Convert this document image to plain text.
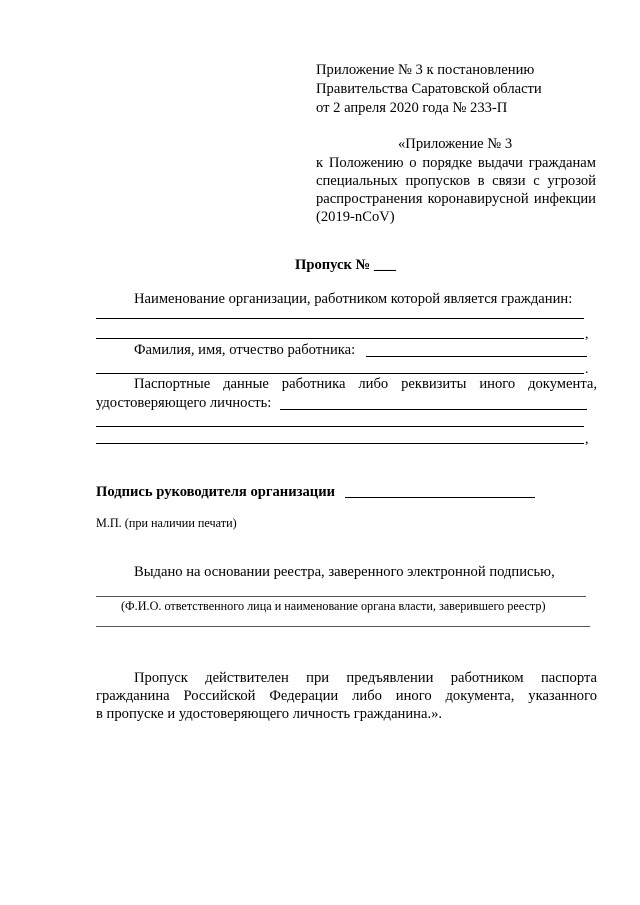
Приложение № 3 к постановлению
Правительства Саратовской области
от 2 апреля 2020 года № 233-П
«Приложение № 3
к Положению о порядке выдачи гражданам
специальных пропусков в связи с угрозой
распространения коронавирусной инфекции
(2019-nCoV)
Пропуск № ___
Наименование организации, работником которой является гражданин:
,
Фамилия, имя, отчество работника:
.
Паспортные данные работника либо реквизиты иного документа,
удостоверяющего личность:
,
Подпись руководителя организации
М.П. (при наличии печати)
Выдано на основании реестра, заверенного электронной подписью,
(Ф.И.О. ответственного лица и наименование органа власти, заверившего реестр)
Пропуск действителен при предъявлении работником паспорта
гражданина Российской Федерации либо иного документа, указанного
в пропуске и удостоверяющего личность гражданина.».
